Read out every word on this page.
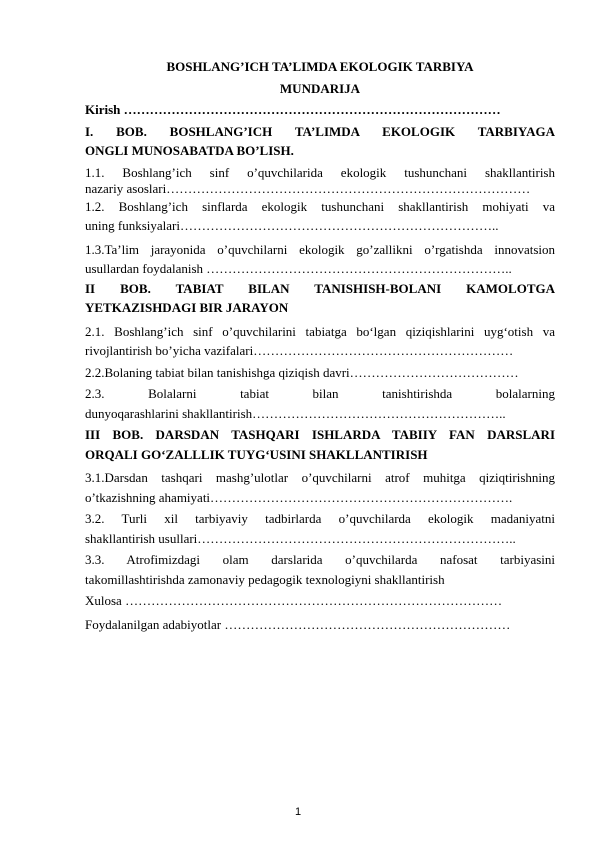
BOSHLANG’ICH TA’LIMDA EKOLOGIK TARBIYA

MUNDARIJA

Kirish ……………………………………………………………………………

I. BOB. BOSHLANG’ICH TA’LIMDA EKOLOGIK TARBIYAGA

ONGLI MUNOSABATDA BO’LISH.

1.1. Boshlang’ich sinf o’quvchilarida ekologik tushunchani shakllantirish

nazariy asoslari…………………………………………………………………………

1.2. Boshlang’ich sinflarda ekologik tushunchani shakllantirish mohiyati va

uning funksiyalari………………………………………………………………..

1.3.Ta’lim jarayonida o’quvchilarni ekologik go’zallikni o’rgatishda innovatsion

usullardan foydalanish ……………………………………………………………..

II BOB. TABIAT BILAN TANISHISH-BOLANI KAMOLOTGA

YETKAZISHDAGI BIR JARAYON

2.1. Boshlang’ich sinf o’quvchilarini tabiatga bo‘lgan qiziqishlarini uyg‘otish va

rivojlantirish bo’yicha vazifalari……………………………………………………

2.2.Bolaning tabiat bilan tanishishga qiziqish davri…………………………………

2.3. Bolalarni tabiat bilan tanishtirishda bolalarning

dunyoqarashlarini shakllantirish…………………………………………………..

III BOB. DARSDAN TASHQARI ISHLARDA TABIIY FAN DARSLARI

ORQALI GO‘ZALLLIK TUYG‘USINI SHAKLLANTIRISH

3.1.Darsdan tashqari mashg’ulotlar o’quvchilarni atrof muhitga qiziqtirishning

o’tkazishning ahamiyati…………………………………………………………….

3.2. Turli xil tarbiyaviy tadbirlarda o’quvchilarda ekologik madaniyatni

shakllantirish usullari………………………………………………………………..

3.3. Atrofimizdagi olam darslarida o’quvchilarda nafosat tarbiyasini

takomillashtirishda zamonaviy pedagogik texnologiyni shakllantirish

Xulosa ……………………………………………………………………………

Foydalanilgan adabiyotlar …………………………………………………………

1
